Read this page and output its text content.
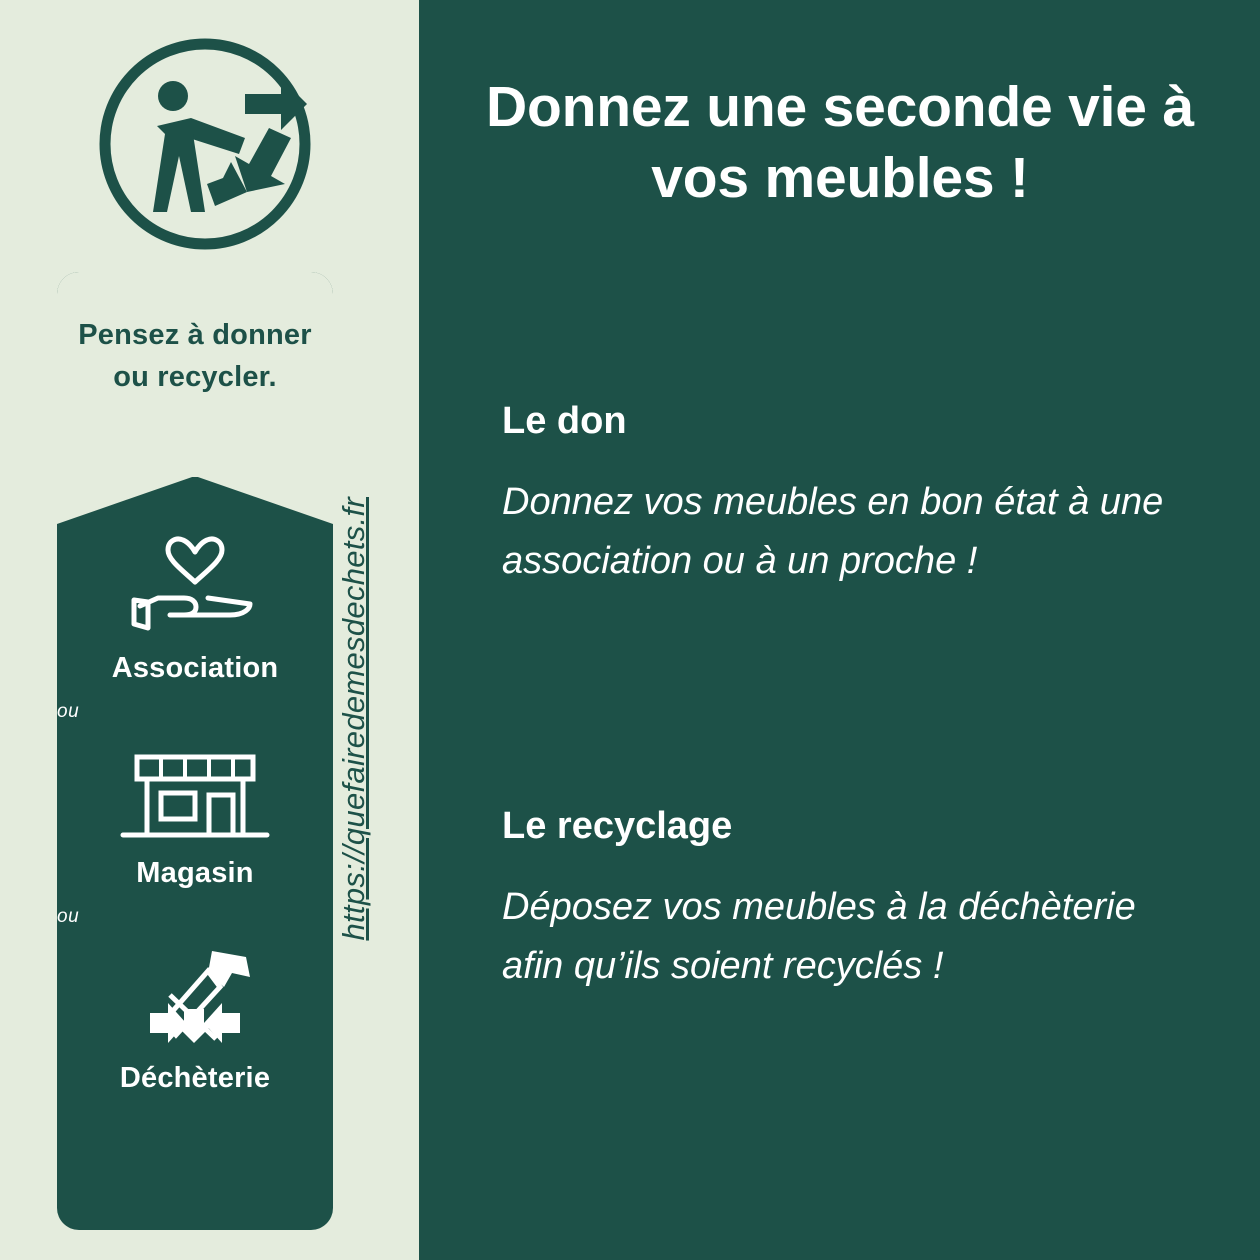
Pensez à donner ou recycler.
Association
ou
Magasin
ou
Déchèterie
https://quefairedemesdechets.fr
Donnez une seconde vie à vos meubles !
Le don

Donnez vos meubles en bon état à une association ou à un proche !

Le recyclage

Déposez vos meubles à la déchèterie afin qu’ils soient recyclés !
